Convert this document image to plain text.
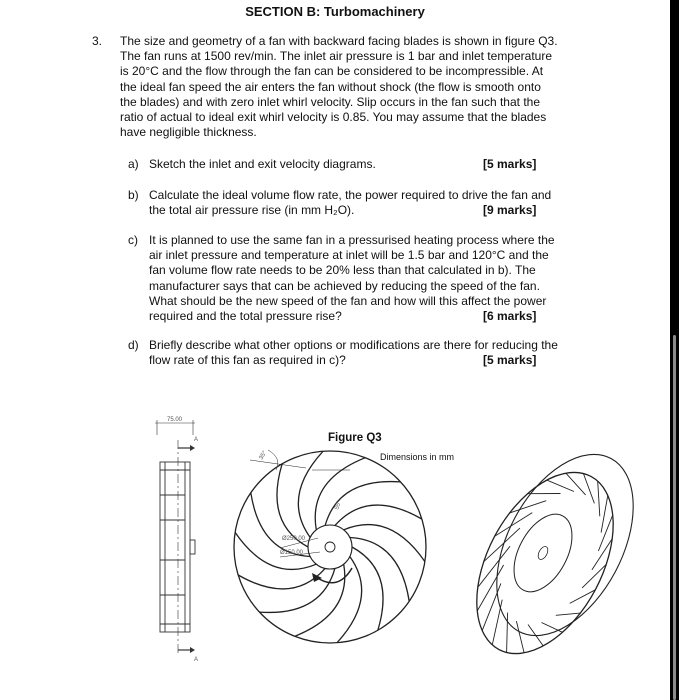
SECTION B: Turbomachinery
3. The size and geometry of a fan with backward facing blades is shown in figure Q3.
The fan runs at 1500 rev/min. The inlet air pressure is 1 bar and inlet temperature
is 20°C and the flow through the fan can be considered to be incompressible. At
the ideal fan speed the air enters the fan without shock (the flow is smooth onto
the blades) and with zero inlet whirl velocity. Slip occurs in the fan such that the
ratio of actual to ideal exit whirl velocity is 0.85. You may assume that the blades
have negligible thickness.
a) Sketch the inlet and exit velocity diagrams.	[5 marks]
b) Calculate the ideal volume flow rate, the power required to drive the fan and
the total air pressure rise (in mm H₂O).	[9 marks]
c) It is planned to use the same fan in a pressurised heating process where the
air inlet pressure and temperature at inlet will be 1.5 bar and 120°C and the
fan volume flow rate needs to be 20% less than that calculated in b). The
manufacturer says that can be achieved by reducing the speed of the fan.
What should be the new speed of the fan and how will this affect the power
required and the total pressure rise?	[6 marks]
d) Briefly describe what other options or modifications are there for reducing the
flow rate of this fan as required in c)?	[5 marks]
Figure Q3
Dimensions in mm
75.00
A
A
35°
55°
Ø250.00
Ø150.00
